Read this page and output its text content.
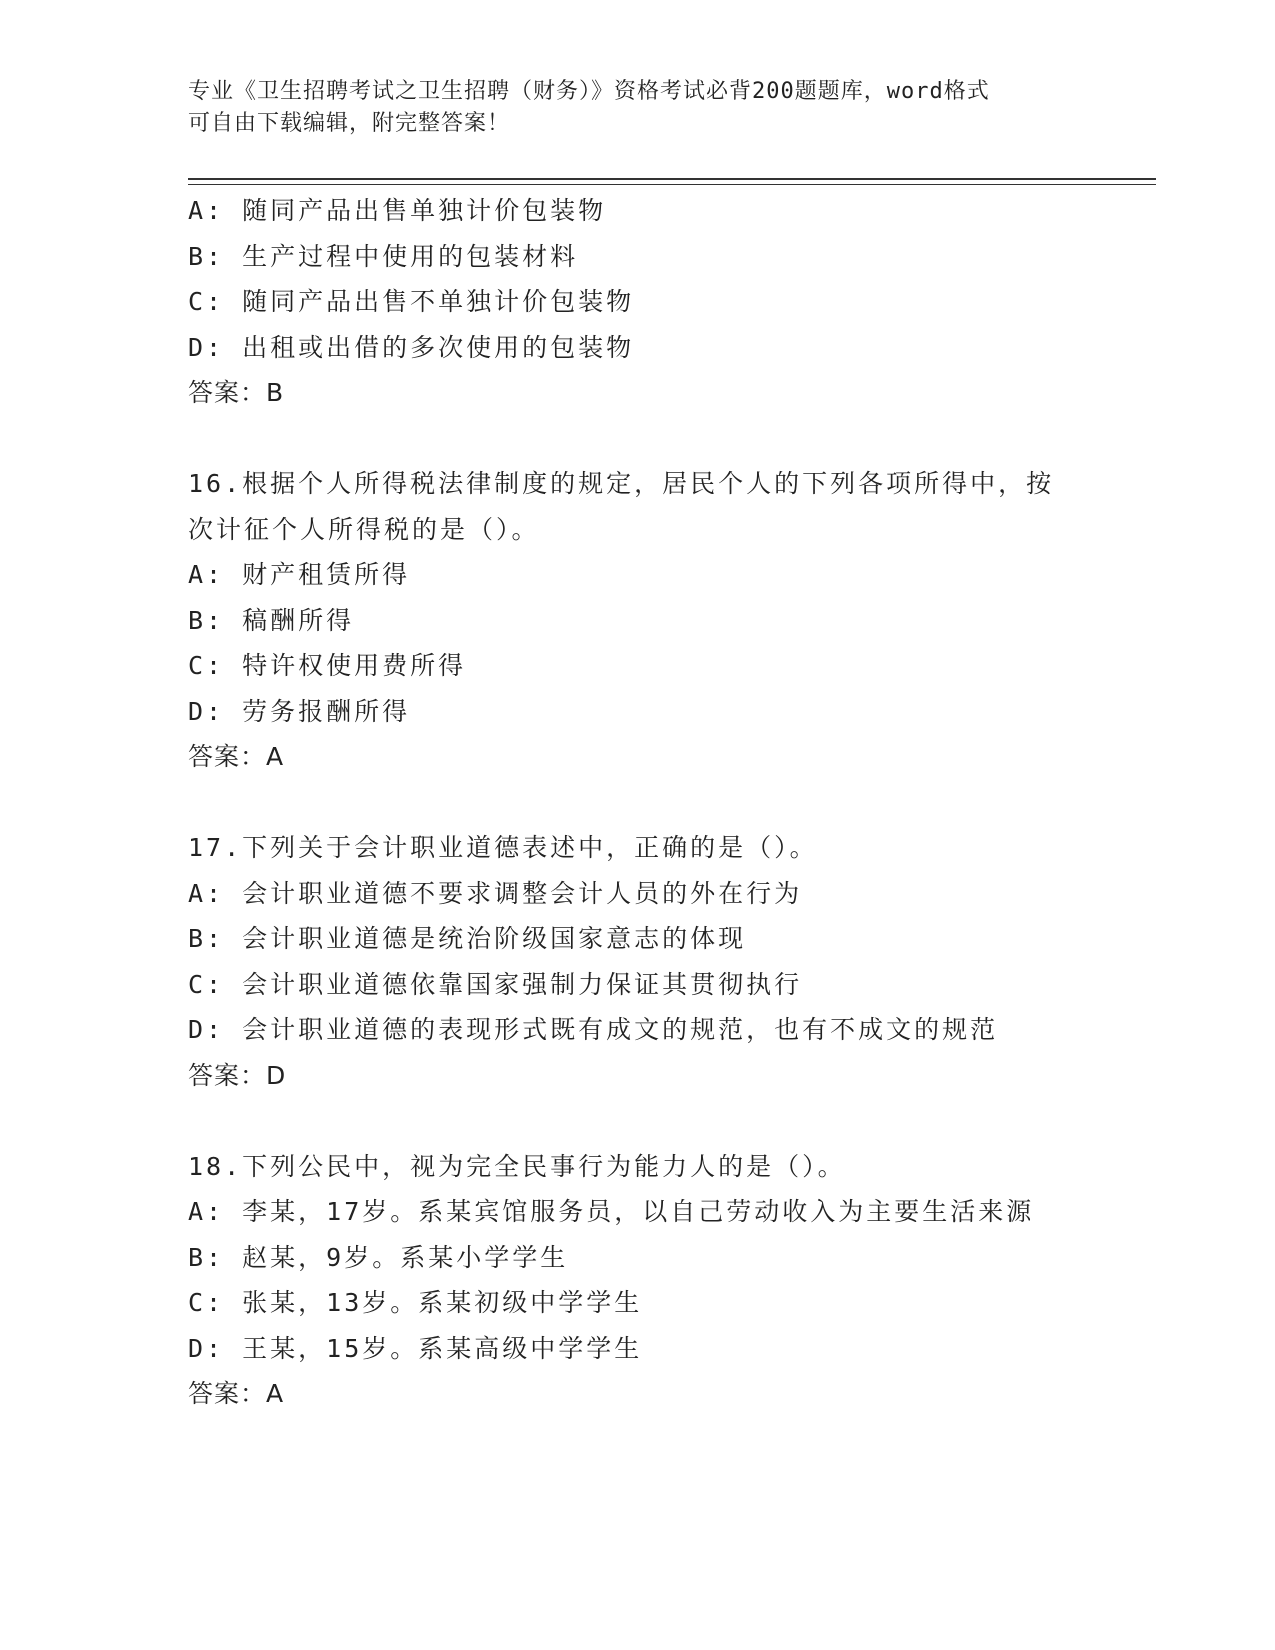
专业《卫生招聘考试之卫生招聘（财务）》资格考试必背200题题库，word格式
可自由下载编辑，附完整答案！
A: 随同产品出售单独计价包装物
B: 生产过程中使用的包装材料
C: 随同产品出售不单独计价包装物
D: 出租或出借的多次使用的包装物
答案：B
16.根据个人所得税法律制度的规定，居民个人的下列各项所得中，按
次计征个人所得税的是（）。
A: 财产租赁所得
B: 稿酬所得
C: 特许权使用费所得
D: 劳务报酬所得
答案：A
17.下列关于会计职业道德表述中，正确的是（）。
A: 会计职业道德不要求调整会计人员的外在行为
B: 会计职业道德是统治阶级国家意志的体现
C: 会计职业道德依靠国家强制力保证其贯彻执行
D: 会计职业道德的表现形式既有成文的规范，也有不成文的规范
答案：D
18.下列公民中，视为完全民事行为能力人的是（）。
A: 李某，17岁。系某宾馆服务员，以自己劳动收入为主要生活来源
B: 赵某，9岁。系某小学学生
C: 张某，13岁。系某初级中学学生
D: 王某，15岁。系某高级中学学生
答案：A
